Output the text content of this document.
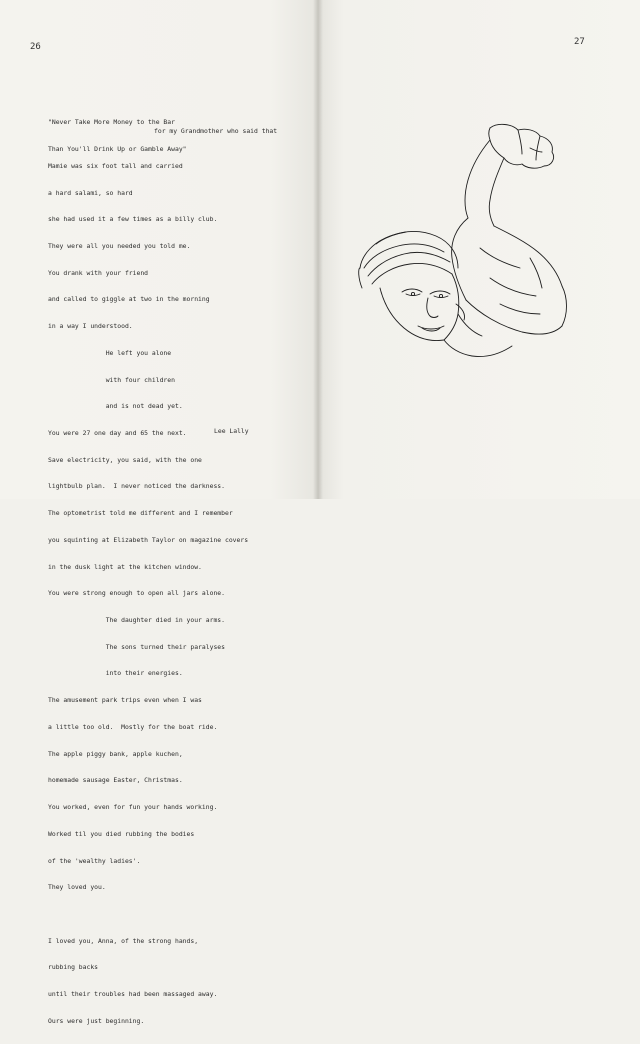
26	27

"Never Take More Money to the Bar

Than You'll Drink Up or Gamble Away"

for my Grandmother who said that

Mamie was six foot tall and carried

a hard salami, so hard

she had used it a few times as a billy club.

They were all you needed you told me.

You drank with your friend

and called to giggle at two in the morning

in a way I understood.

He left you alone

with four children

and is not dead yet.

You were 27 one day and 65 the next.

Save electricity, you said, with the one

lightbulb plan.  I never noticed the darkness.

The optometrist told me different and I remember

you squinting at Elizabeth Taylor on magazine covers

in the dusk light at the kitchen window.

You were strong enough to open all jars alone.

The daughter died in your arms.

The sons turned their paralyses

into their energies.

The amusement park trips even when I was

a little too old.  Mostly for the boat ride.

The apple piggy bank, apple kuchen,

homemade sausage Easter, Christmas.

You worked, even for fun your hands working.

Worked til you died rubbing the bodies

of the 'wealthy ladies'.

They loved you.

I loved you, Anna, of the strong hands,

rubbing backs

until their troubles had been massaged away.

Ours were just beginning.

Lee Lally
